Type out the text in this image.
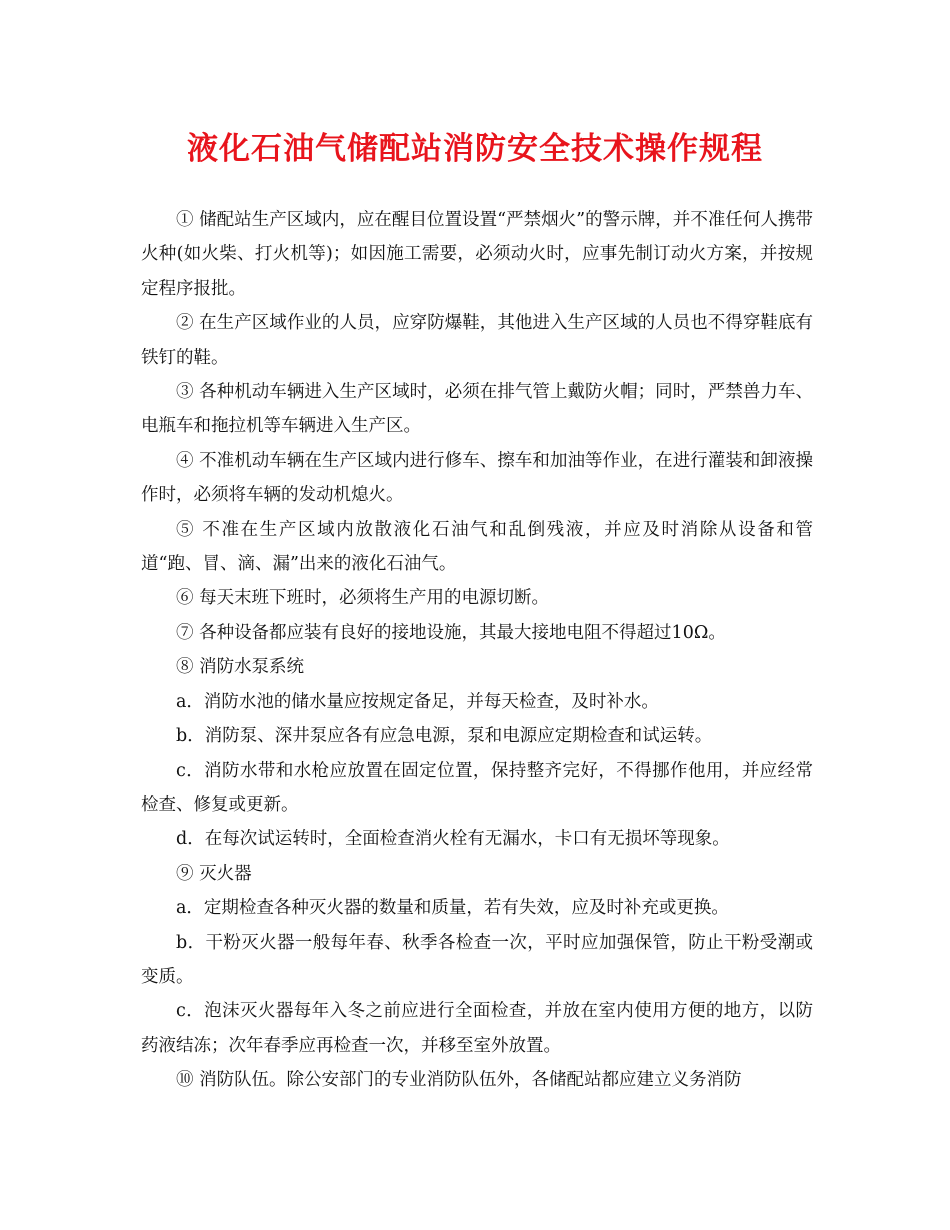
液化石油气储配站消防安全技术操作规程

① 储配站生产区域内，应在醒目位置设置“严禁烟火”的警示牌，并不准任何人携带火种(如火柴、打火机等)；如因施工需要，必须动火时，应事先制订动火方案，并按规定程序报批。

② 在生产区域作业的人员，应穿防爆鞋，其他进入生产区域的人员也不得穿鞋底有铁钉的鞋。

③ 各种机动车辆进入生产区域时，必须在排气管上戴防火帽；同时，严禁兽力车、电瓶车和拖拉机等车辆进入生产区。

④ 不准机动车辆在生产区域内进行修车、擦车和加油等作业，在进行灌装和卸液操作时，必须将车辆的发动机熄火。

⑤ 不准在生产区域内放散液化石油气和乱倒残液，并应及时消除从设备和管道“跑、冒、滴、漏”出来的液化石油气。

⑥ 每天末班下班时，必须将生产用的电源切断。

⑦ 各种设备都应装有良好的接地设施，其最大接地电阻不得超过10Ω。

⑧ 消防水泵系统

a．消防水池的储水量应按规定备足，并每天检查，及时补水。

b．消防泵、深井泵应各有应急电源，泵和电源应定期检查和试运转。

c．消防水带和水枪应放置在固定位置，保持整齐完好，不得挪作他用，并应经常检查、修复或更新。

d．在每次试运转时，全面检查消火栓有无漏水，卡口有无损坏等现象。

⑨ 灭火器

a．定期检查各种灭火器的数量和质量，若有失效，应及时补充或更换。

b．干粉灭火器一般每年春、秋季各检查一次，平时应加强保管，防止干粉受潮或变质。

c．泡沫灭火器每年入冬之前应进行全面检查，并放在室内使用方便的地方，以防药液结冻；次年春季应再检查一次，并移至室外放置。

⑩ 消防队伍。除公安部门的专业消防队伍外，各储配站都应建立义务消防
